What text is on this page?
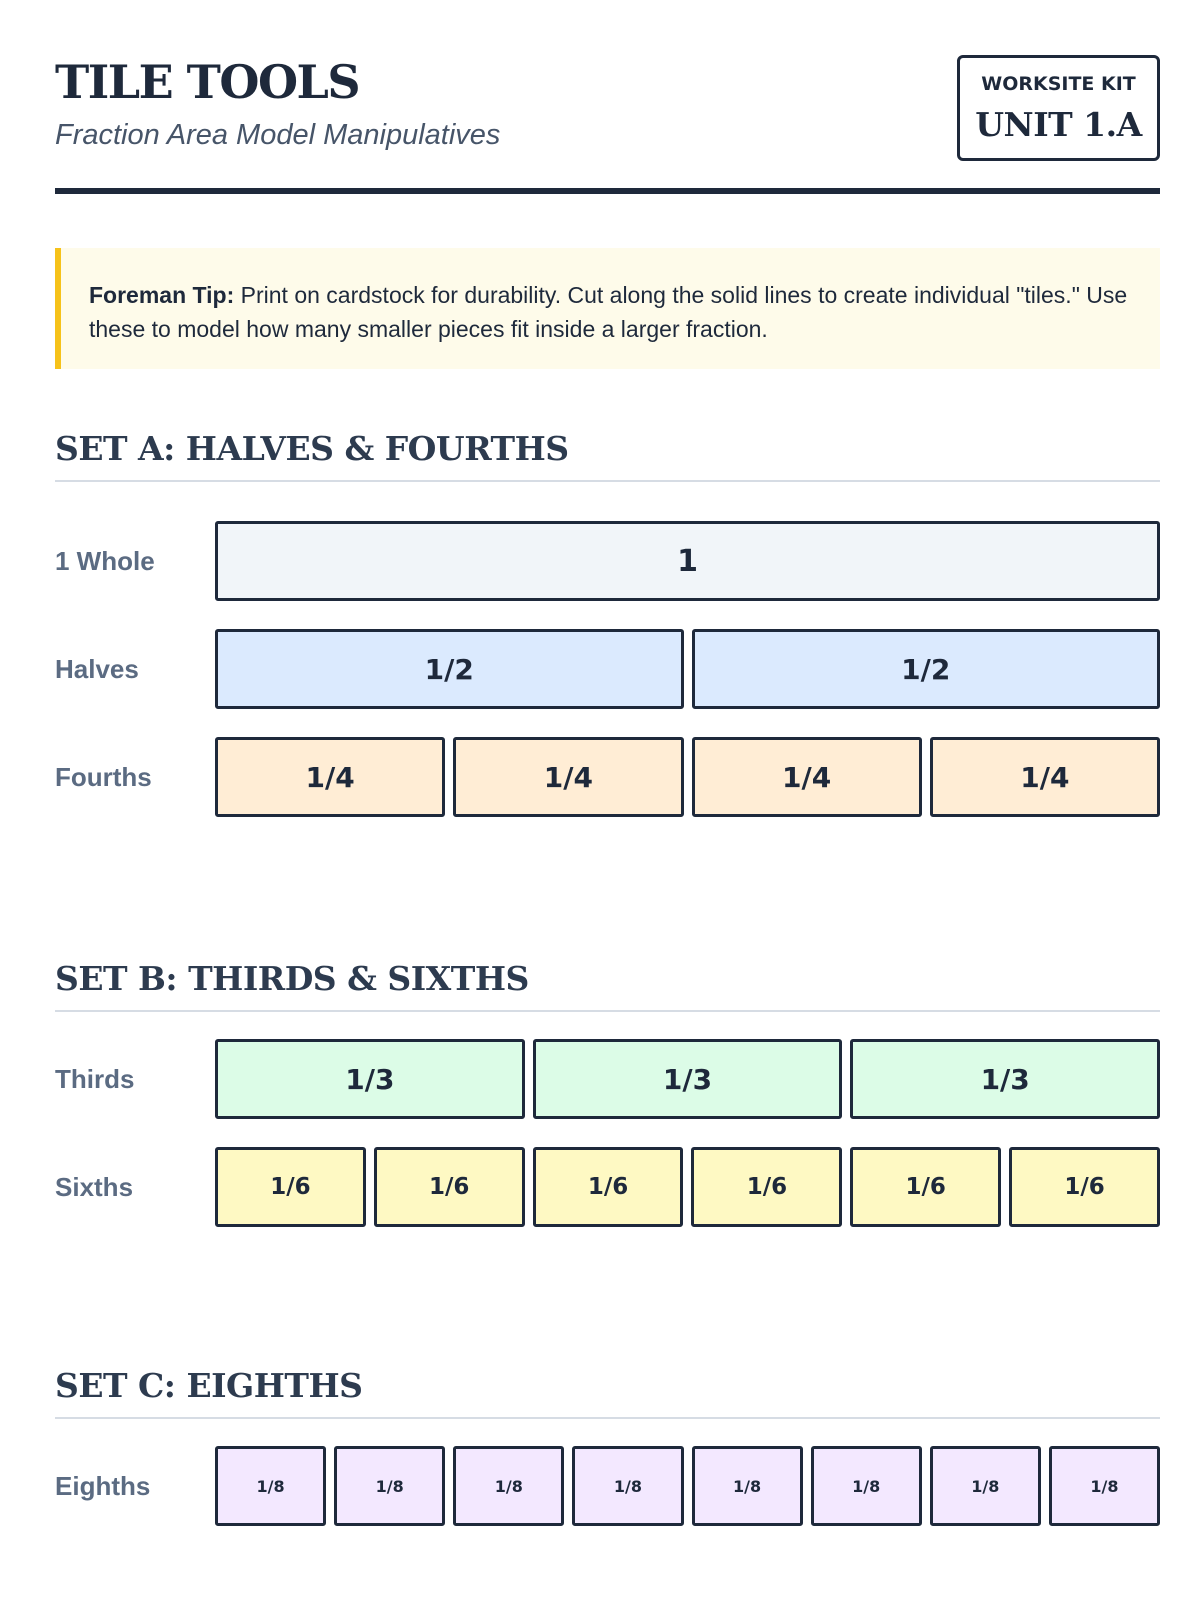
TILE TOOLS
Fraction Area Model Manipulatives
WORKSITE KIT
UNIT 1.A
Foreman Tip: Print on cardstock for durability. Cut along the solid lines to create individual "tiles." Use these to model how many smaller pieces fit inside a larger fraction.
SET A: HALVES & FOURTHS
1 Whole	1
Halves	1/2	1/2
Fourths	1/4	1/4	1/4	1/4
SET B: THIRDS & SIXTHS
Thirds	1/3	1/3	1/3
Sixths	1/6	1/6	1/6	1/6	1/6	1/6
SET C: EIGHTHS
Eighths	1/8	1/8	1/8	1/8	1/8	1/8	1/8	1/8
